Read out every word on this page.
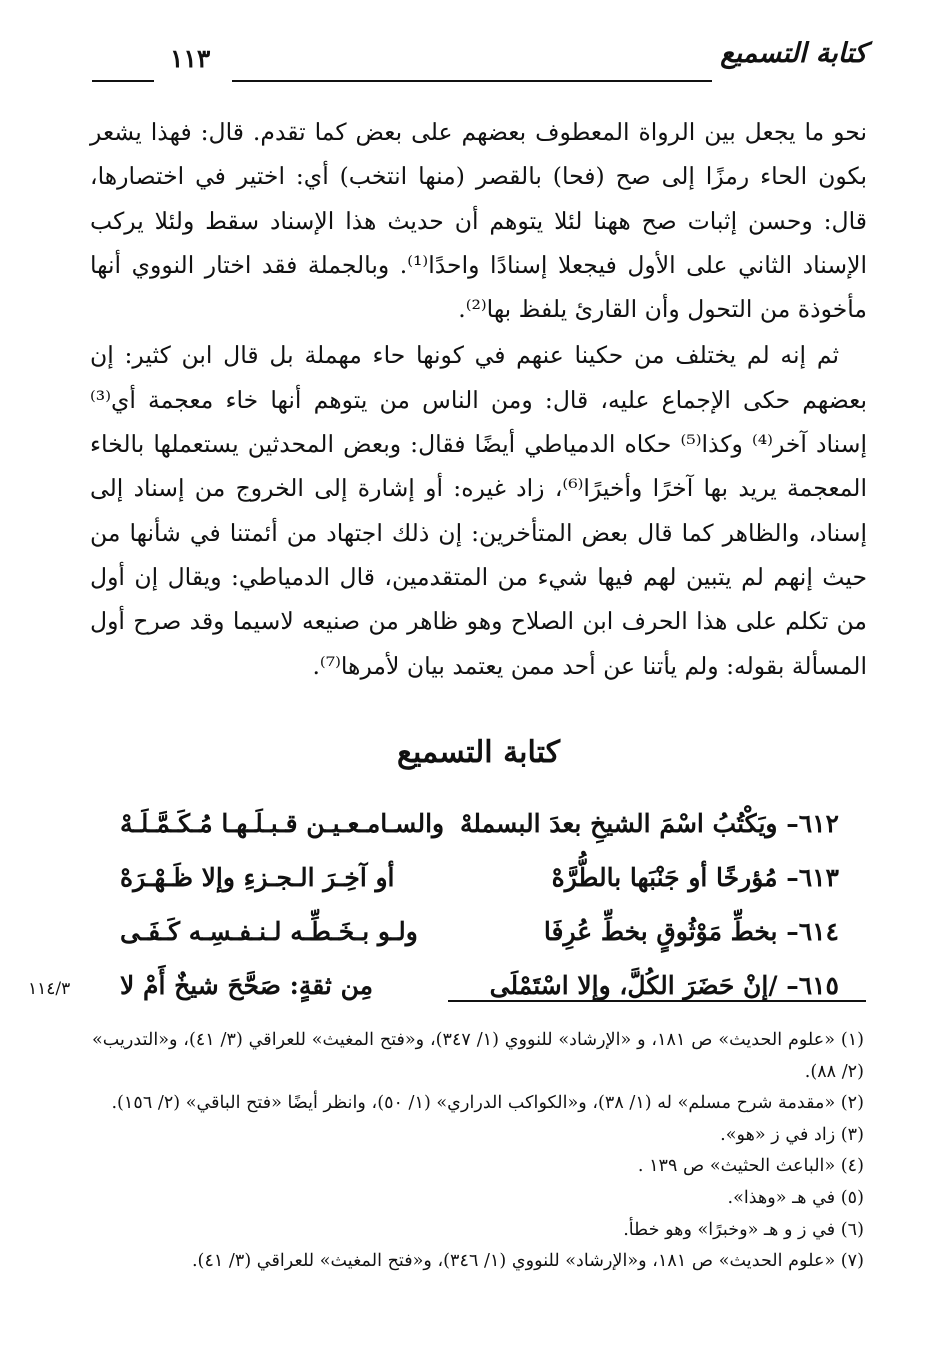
كتابة التسميع
١١٣

نحو ما يجعل بين الرواة المعطوف بعضهم على بعض كما تقدم. قال: فهذا يشعر بكون الحاء رمزًا إلى صح (فحا) بالقصر (منها انتخب) أي: اختير في اختصارها، قال: وحسن إثبات صح ههنا لئلا يتوهم أن حديث هذا الإسناد سقط ولئلا يركب الإسناد الثاني على الأول فيجعلا إسنادًا واحدًا⁽¹⁾. وبالجملة فقد اختار النووي أنها مأخوذة من التحول وأن القارئ يلفظ بها⁽²⁾.

ثم إنه لم يختلف من حكينا عنهم في كونها حاء مهملة بل قال ابن كثير: إن بعضهم حكى الإجماع عليه، قال: ومن الناس من يتوهم أنها خاء معجمة أي⁽³⁾ إسناد آخر⁽⁴⁾ وكذا⁽⁵⁾ حكاه الدمياطي أيضًا فقال: وبعض المحدثين يستعملها بالخاء المعجمة يريد بها آخرًا وأخيرًا⁽⁶⁾، زاد غيره: أو إشارة إلى الخروج من إسناد إلى إسناد، والظاهر كما قال بعض المتأخرين: إن ذلك اجتهاد من أئمتنا في شأنها من حيث إنهم لم يتبين لهم فيها شيء من المتقدمين، قال الدمياطي: ويقال إن أول من تكلم على هذا الحرف ابن الصلاح وهو ظاهر من صنيعه لاسيما وقد صرح أول المسألة بقوله: ولم يأتنا عن أحد ممن يعتمد بيان لأمرها⁽⁷⁾.

كتابة التسميع
٦١٢– ويَكْتُبُ اسْمَ الشيخِ بعدَ البسملهْ
والسـامـعـيـن قـبـلَـهـا مُـكَـمَّـلَـهْ
٦١٣– مُؤرخًا أو جَنْبَها بالطُّرَّهْ
أو آخِـرَ الـجـزءِ وإلا ظَـهْـرَهْ
٦١٤– بخطِّ مَوْثُوقٍ بخطِّ عُرِفَا
ولـو بـخَـطِّـه لـنـفـسِـه كَـفَـى
٦١٥– /إنْ حَضَرَ الكُلَّ، وإلا اسْتَمْلَى
مِن ثقةٍ: صَحَّحَ شيخٌ أَمْ لا
١١٤/٣

(١) «علوم الحديث» ص ١٨١، و «الإرشاد» للنووي (١/ ٣٤٧)، و«فتح المغيث» للعراقي (٣/ ٤١)، و«التدريب» (٢/ ٨٨).

(٢) «مقدمة شرح مسلم» له (١/ ٣٨)، و«الكواكب الدراري» (١/ ٥٠)، وانظر أيضًا «فتح الباقي» (٢/ ١٥٦).

(٣) زاد في ز «هو».

(٤) «الباعث الحثيث» ص ١٣٩ .

(٥) في هـ «وهذا».

(٦) في ز و هـ «وخبرًا» وهو خطأ.

(٧) «علوم الحديث» ص ١٨١، و«الإرشاد» للنووي (١/ ٣٤٦)، و«فتح المغيث» للعراقي (٣/ ٤١).
